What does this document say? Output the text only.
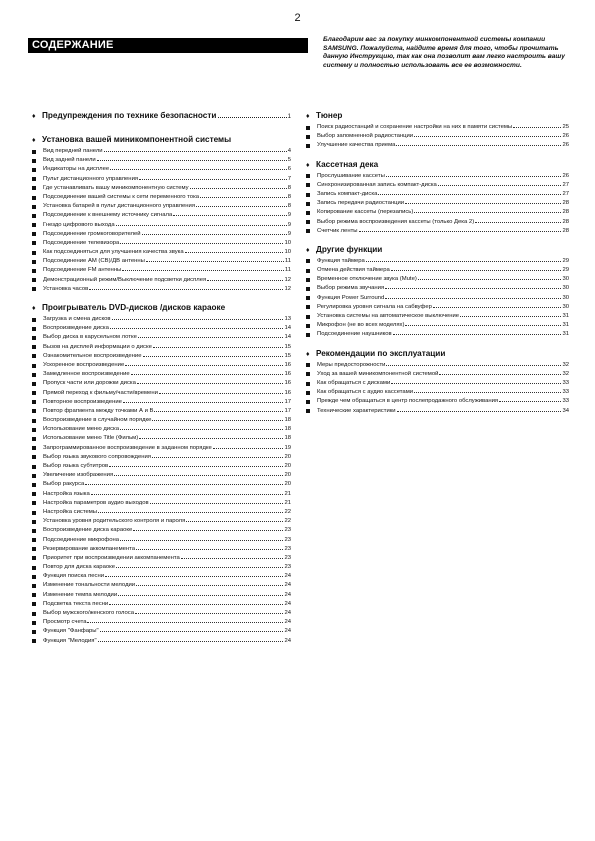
2
СОДЕРЖАНИЕ	Благодарим вас за покупку минкомпонентной системы компании SAMSUNG. Пожалуйста, найдите время для того, чтобы прочитать данную Инструкцию, так как она позволит вам легко настроить вашу систему и полностью использовать все ее возможности.

♦ Предупреждения по технике безопасности	1
♦ Установка вашей миникомпонентной системы
Вид передней панели	4
Вид задней панели	5
Индикаторы на дисплее	6
Пульт дистанционного управления	7
Где устанавливать вашу миникомпонентную систему	8
Подсоединение вашей системы к сети переменного тока	8
Установка батарей в пульт дистанционного управления	8
Подсоединение к внешнему источнику сигнала	9
Гнездо цифрового выхода	9
Подсоединение громкоговорителей	9
Подсоединение телевизора	10
Как подсоединяться для улучшения качества звука	10
Подсоединение AM (СВ)/ДВ антенны	11
Подсоединение FM антенны	11
Демонстрационный режим/Выключение подсветки дисплея	12
Установка часов	12
♦ Проигрыватель DVD-дисков /дисков караоке
Загрузка и смена дисков	13
Воспроизведение диска	14
Выбор диска в карусельном лотке	14
Вызов на дисплей информации о диске	15
Ознакомительное воспроизведение	15
Ускоренное воспроизведение	16
Замедленное воспроизведение	16
Пропуск части или дорожки диска	16
Прямой переход к фильму/части/времени	16
Повторное воспроизведение	17
Повтор фрагмента между точками А и В	17
Воспроизведение в случайном порядке	18
Использование меню диска	18
Использование меню Title (Фильм)	18
Запрограммированное воспроизведение в заданном порядке	19
Выбор языка звукового сопровождения	20
Выбор языка субтитров	20
Увеличение изображения	20
Выбор ракурса	20
Настройка языка	21
Настройка параметров аудио выходов	21
Настройка системы	22
Установка уровня родительского контроля и пароля	22
Воспроизведение диска караоке	23
Подсоединение микрофона	23
Резервирование аккомпанемента	23
Приоритет при воспроизведении аккомпанемента	23
Повтор для диска караоке	23
Функция поиска песни	24
Изменение тональности мелодии	24
Изменение темпа мелодии	24
Подсветка текста песни	24
Выбор мужского/женского голоса	24
Просмотр счета	24
Функция "Фанфары"	24
Функция "Мелодия"	24
♦ Тюнер
Поиск радиостанций и сохранение настройки на них в памяти системы	25
Выбор запомненной радиостанции	26
Улучшение качества приема	26
♦ Кассетная дека
Прослушивание кассеты	26
Синхронизированная запись компакт-диска	27
Запись компакт-диска	27
Запись передачи радиостанции	28
Копирование кассеты (перезапись)	28
Выбор режима воспроизведения кассеты (только Дека 2)	28
Счетчик ленты	28
♦ Другие функции
Функция таймера	29
Отмена действия таймера	29
Временное отключение звука (Mute)	30
Выбор режима звучания	30
Функция Power Surround	30
Регулировка уровня сигнала на сабвуфер	30
Установка системы на автоматическое выключение	31
Микрофон (не во всех моделях)	31
Подсоединение наушников	31
♦ Рекомендации по эксплуатации
Меры предосторожности	32
Уход за вашей миникомпонентной системой	32
Как обращаться с дисками	33
Как обращаться с аудио кассетами	33
Прежде чем обращаться в центр послепродажного обслуживания	33
Технические характеристики	34
